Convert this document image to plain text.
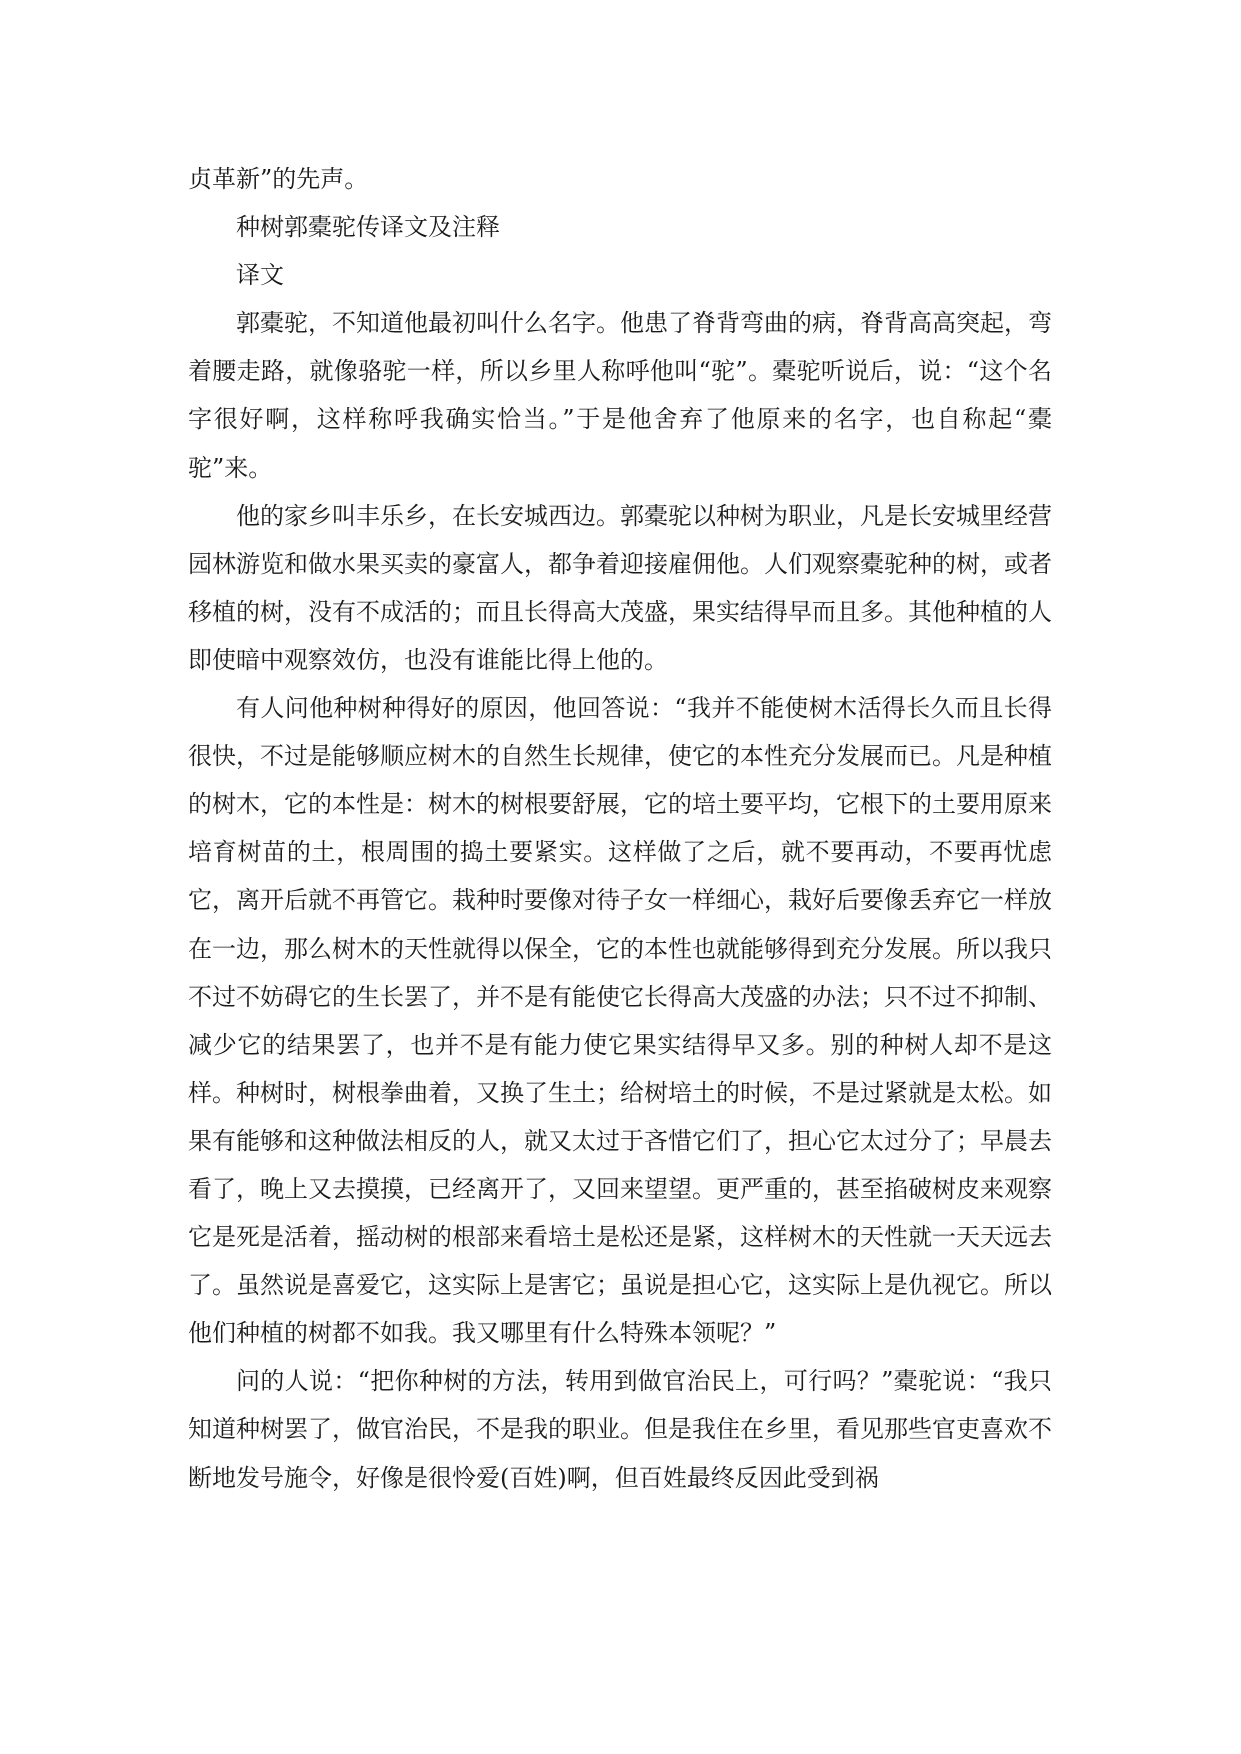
贞革新”的先声。

种树郭橐驼传译文及注释

译文

郭橐驼，不知道他最初叫什么名字。他患了脊背弯曲的病，脊背高高突起，弯着腰走路，就像骆驼一样，所以乡里人称呼他叫“驼”。橐驼听说后，说：“这个名字很好啊，这样称呼我确实恰当。”于是他舍弃了他原来的名字，也自称起“橐驼”来。

他的家乡叫丰乐乡，在长安城西边。郭橐驼以种树为职业，凡是长安城里经营园林游览和做水果买卖的豪富人，都争着迎接雇佣他。人们观察橐驼种的树，或者移植的树，没有不成活的；而且长得高大茂盛，果实结得早而且多。其他种植的人即使暗中观察效仿，也没有谁能比得上他的。

有人问他种树种得好的原因，他回答说：“我并不能使树木活得长久而且长得很快，不过是能够顺应树木的自然生长规律，使它的本性充分发展而已。凡是种植的树木，它的本性是：树木的树根要舒展，它的培土要平均，它根下的土要用原来培育树苗的土，根周围的捣土要紧实。这样做了之后，就不要再动，不要再忧虑它，离开后就不再管它。栽种时要像对待子女一样细心，栽好后要像丢弃它一样放在一边，那么树木的天性就得以保全，它的本性也就能够得到充分发展。所以我只不过不妨碍它的生长罢了，并不是有能使它长得高大茂盛的办法；只不过不抑制、减少它的结果罢了，也并不是有能力使它果实结得早又多。别的种树人却不是这样。种树时，树根拳曲着，又换了生土；给树培土的时候，不是过紧就是太松。如果有能够和这种做法相反的人，就又太过于吝惜它们了，担心它太过分了；早晨去看了，晚上又去摸摸，已经离开了，又回来望望。更严重的，甚至掐破树皮来观察它是死是活着，摇动树的根部来看培土是松还是紧，这样树木的天性就一天天远去了。虽然说是喜爱它，这实际上是害它；虽说是担心它，这实际上是仇视它。所以他们种植的树都不如我。我又哪里有什么特殊本领呢？”

问的人说：“把你种树的方法，转用到做官治民上，可行吗？”橐驼说：“我只知道种树罢了，做官治民，不是我的职业。但是我住在乡里，看见那些官吏喜欢不断地发号施令，好像是很怜爱(百姓)啊，但百姓最终反因此受到祸
